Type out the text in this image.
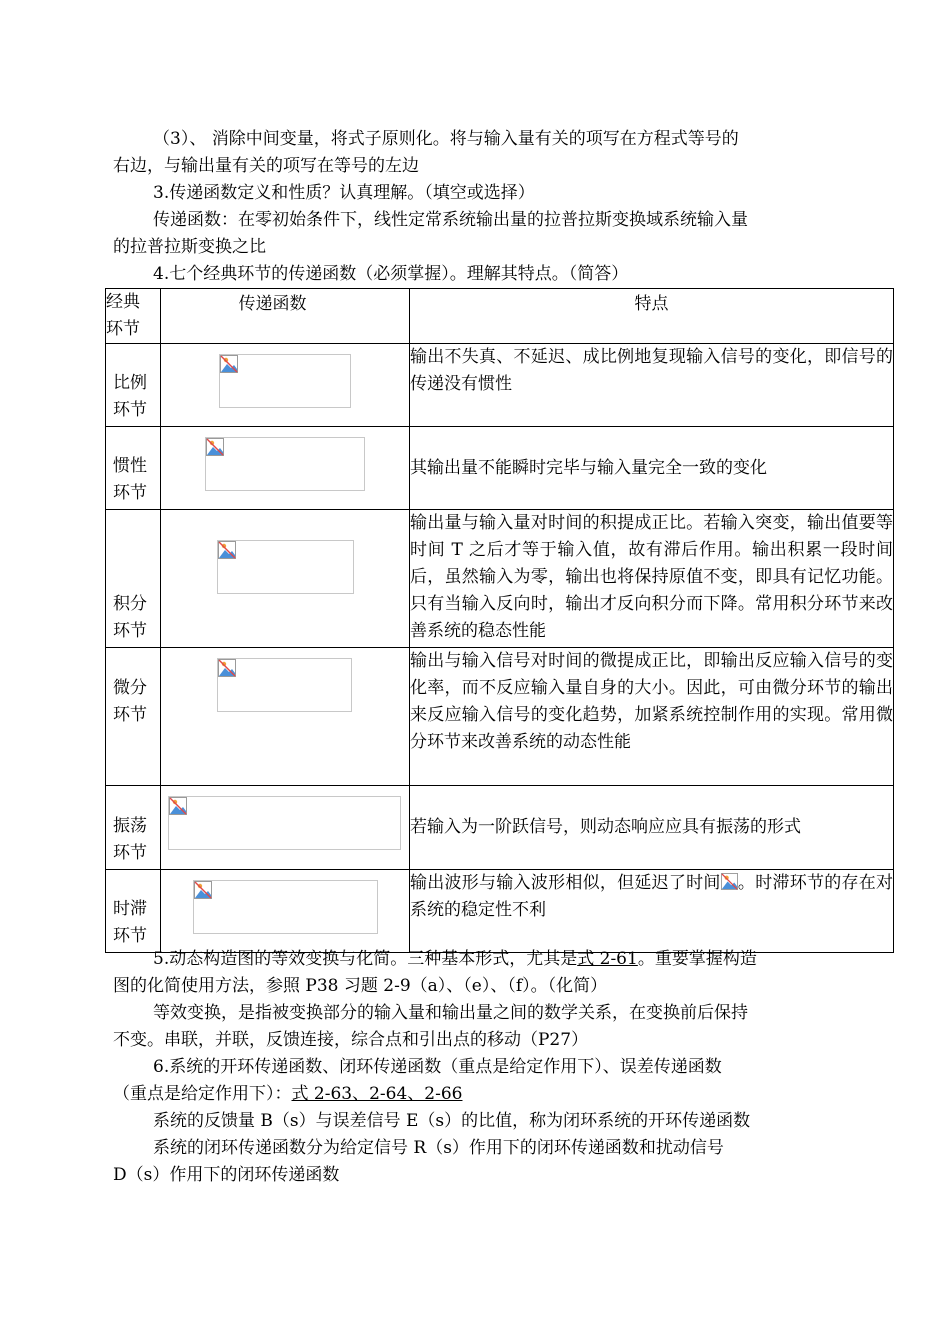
（3）、 消除中间变量，将式子原则化。将与输入量有关的项写在方程式等号的
右边，与输出量有关的项写在等号的左边
3.传递函数定义和性质？认真理解。（填空或选择）
传递函数：在零初始条件下，线性定常系统输出量的拉普拉斯变换域系统输入量
的拉普拉斯变换之比
4.七个经典环节的传递函数（必须掌握）。理解其特点。（简答）
经典
环节	传递函数	特点

比例
环节		输出不失真、不延迟、成比例地复现输入信号的变化，即信号的传递没有惯性

惯性
环节		其输出量不能瞬时完毕与输入量完全一致的变化

积分
环节		输出量与输入量对时间的积提成正比。若输入突变，输出值要等时间 T 之后才等于输入值，故有滞后作用。输出积累一段时间后，虽然输入为零，输出也将保持原值不变，即具有记忆功能。只有当输入反向时，输出才反向积分而下降。常用积分环节来改善系统的稳态性能

微分
环节		输出与输入信号对时间的微提成正比，即输出反应输入信号的变化率，而不反应输入量自身的大小。因此，可由微分环节的输出来反应输入信号的变化趋势，加紧系统控制作用的实现。常用微分环节来改善系统的动态性能

振荡
环节		若输入为一阶跃信号，则动态响应应具有振荡的形式

时滞
环节		输出波形与输入波形相似，但延迟了时间 。时滞环节的存在对系统的稳定性不利
5.动态构造图的等效变换与化简。三种基本形式，尤其是式 2-61。重要掌握构造
图的化简使用方法，参照 P38 习题 2-9（a）、（e）、（f）。（化简）
等效变换，是指被变换部分的输入量和输出量之间的数学关系，在变换前后保持
不变。串联，并联，反馈连接，综合点和引出点的移动（P27）
6.系统的开环传递函数、闭环传递函数（重点是给定作用下）、误差传递函数
（重点是给定作用下）：式 2-63、2-64、2-66
系统的反馈量 B（s）与误差信号 E（s）的比值，称为闭环系统的开环传递函数
系统的闭环传递函数分为给定信号 R（s）作用下的闭环传递函数和扰动信号
D（s）作用下的闭环传递函数
